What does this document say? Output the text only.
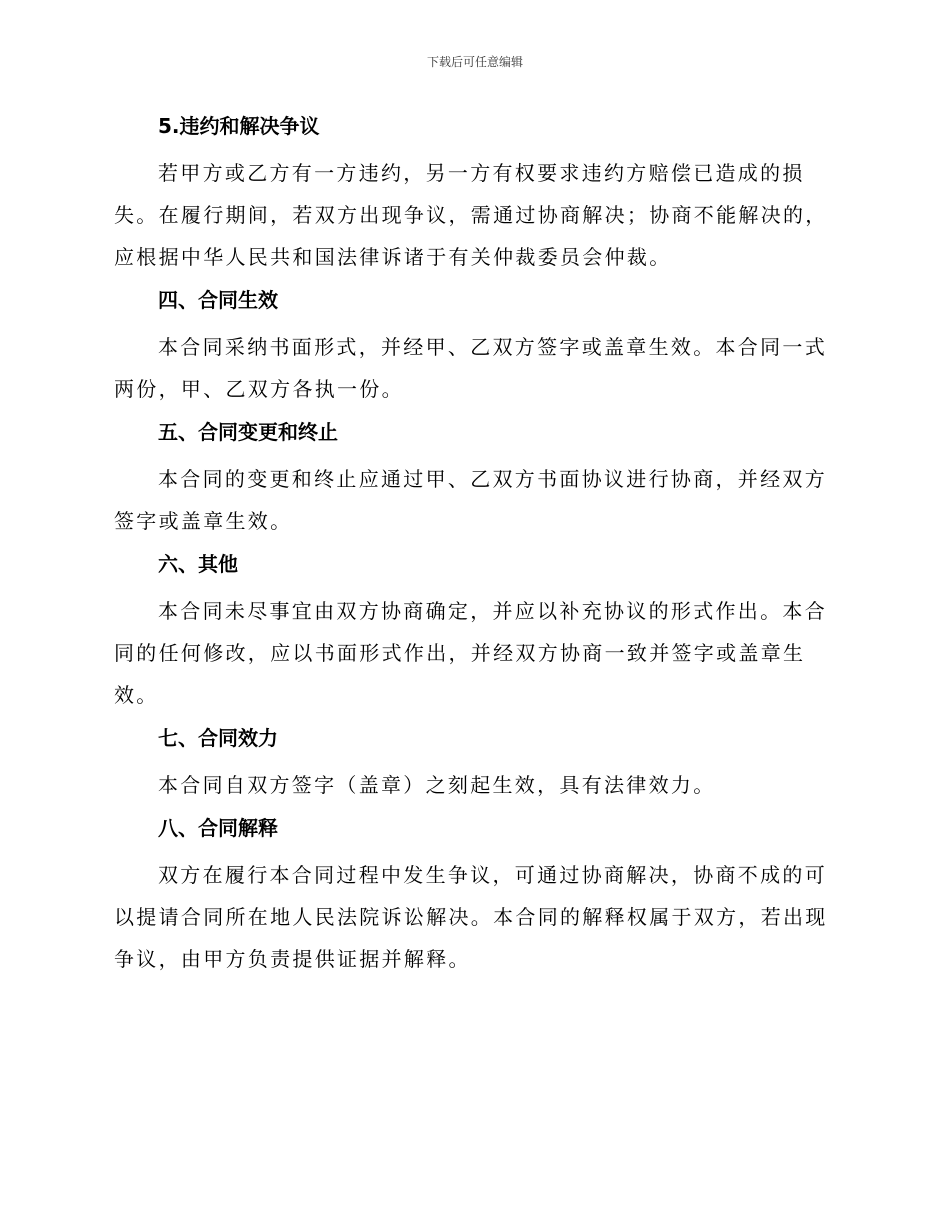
下载后可任意编辑
5.违约和解决争议

若甲方或乙方有一方违约，另一方有权要求违约方赔偿已造成的损失。在履行期间，若双方出现争议，需通过协商解决；协商不能解决的，应根据中华人民共和国法律诉诸于有关仲裁委员会仲裁。

四、合同生效

本合同采纳书面形式，并经甲、乙双方签字或盖章生效。本合同一式两份，甲、乙双方各执一份。

五、合同变更和终止

本合同的变更和终止应通过甲、乙双方书面协议进行协商，并经双方签字或盖章生效。

六、其他

本合同未尽事宜由双方协商确定，并应以补充协议的形式作出。本合同的任何修改，应以书面形式作出，并经双方协商一致并签字或盖章生效。

七、合同效力

本合同自双方签字（盖章）之刻起生效，具有法律效力。

八、合同解释

双方在履行本合同过程中发生争议，可通过协商解决，协商不成的可以提请合同所在地人民法院诉讼解决。本合同的解释权属于双方，若出现争议，由甲方负责提供证据并解释。
